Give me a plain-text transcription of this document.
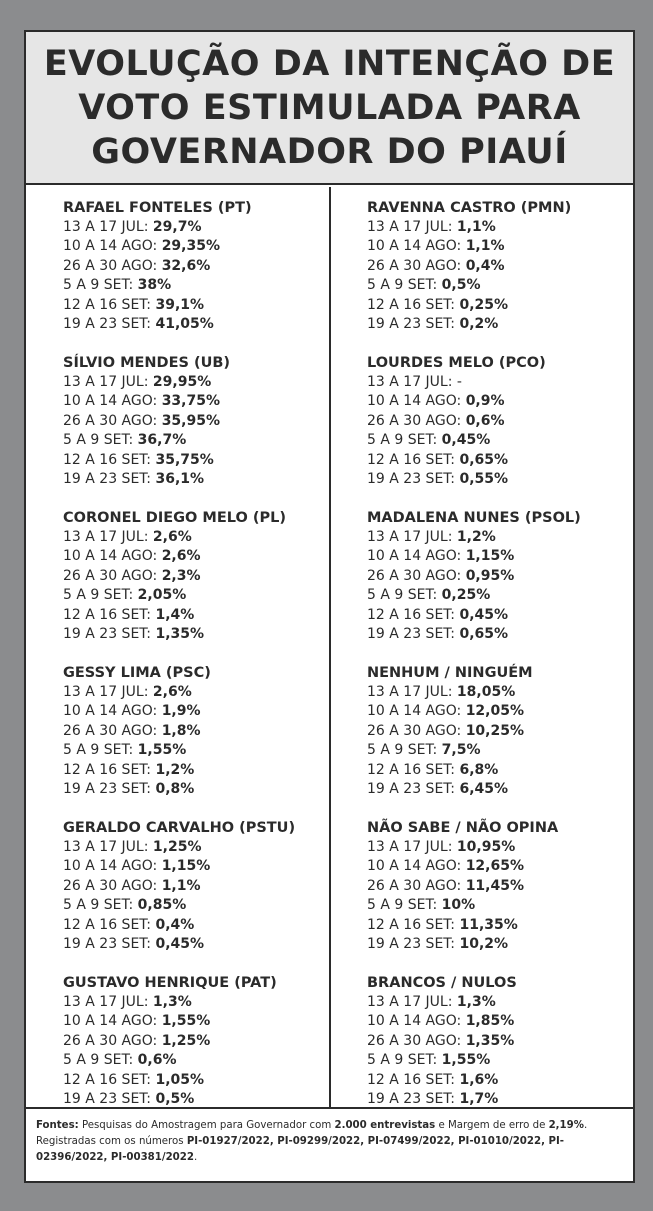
EVOLUÇÃO DA INTENÇÃO DE VOTO ESTIMULADA PARA GOVERNADOR DO PIAUÍ
RAFAEL FONTELES (PT)
13 A 17 JUL: 29,7%
10 A 14 AGO: 29,35%
26 A 30 AGO: 32,6%
5 A 9 SET: 38%
12 A 16 SET: 39,1%
19 A 23 SET: 41,05%
SÍLVIO MENDES (UB)
13 A 17 JUL: 29,95%
10 A 14 AGO: 33,75%
26 A 30 AGO: 35,95%
5 A 9 SET: 36,7%
12 A 16 SET: 35,75%
19 A 23 SET: 36,1%
CORONEL DIEGO MELO (PL)
13 A 17 JUL: 2,6%
10 A 14 AGO: 2,6%
26 A 30 AGO: 2,3%
5 A 9 SET: 2,05%
12 A 16 SET: 1,4%
19 A 23 SET: 1,35%
GESSY LIMA (PSC)
13 A 17 JUL: 2,6%
10 A 14 AGO: 1,9%
26 A 30 AGO: 1,8%
5 A 9 SET: 1,55%
12 A 16 SET: 1,2%
19 A 23 SET: 0,8%
GERALDO CARVALHO (PSTU)
13 A 17 JUL: 1,25%
10 A 14 AGO: 1,15%
26 A 30 AGO: 1,1%
5 A 9 SET: 0,85%
12 A 16 SET: 0,4%
19 A 23 SET: 0,45%
GUSTAVO HENRIQUE (PAT)
13 A 17 JUL: 1,3%
10 A 14 AGO: 1,55%
26 A 30 AGO: 1,25%
5 A 9 SET: 0,6%
12 A 16 SET: 1,05%
19 A 23 SET: 0,5%
RAVENNA CASTRO (PMN)
13 A 17 JUL: 1,1%
10 A 14 AGO: 1,1%
26 A 30 AGO: 0,4%
5 A 9 SET: 0,5%
12 A 16 SET: 0,25%
19 A 23 SET: 0,2%
LOURDES MELO (PCO)
13 A 17 JUL: -
10 A 14 AGO: 0,9%
26 A 30 AGO: 0,6%
5 A 9 SET: 0,45%
12 A 16 SET: 0,65%
19 A 23 SET: 0,55%
MADALENA NUNES (PSOL)
13 A 17 JUL: 1,2%
10 A 14 AGO: 1,15%
26 A 30 AGO: 0,95%
5 A 9 SET: 0,25%
12 A 16 SET: 0,45%
19 A 23 SET: 0,65%
NENHUM / NINGUÉM
13 A 17 JUL: 18,05%
10 A 14 AGO: 12,05%
26 A 30 AGO: 10,25%
5 A 9 SET: 7,5%
12 A 16 SET: 6,8%
19 A 23 SET: 6,45%
NÃO SABE / NÃO OPINA
13 A 17 JUL: 10,95%
10 A 14 AGO: 12,65%
26 A 30 AGO: 11,45%
5 A 9 SET: 10%
12 A 16 SET: 11,35%
19 A 23 SET: 10,2%
BRANCOS / NULOS
13 A 17 JUL: 1,3%
10 A 14 AGO: 1,85%
26 A 30 AGO: 1,35%
5 A 9 SET: 1,55%
12 A 16 SET: 1,6%
19 A 23 SET: 1,7%
Fontes: Pesquisas do Amostragem para Governador com 2.000 entrevistas e Margem de erro de 2,19%. Registradas com os números PI-01927/2022, PI-09299/2022, PI-07499/2022, PI-01010/2022, PI-02396/2022, PI-00381/2022.
